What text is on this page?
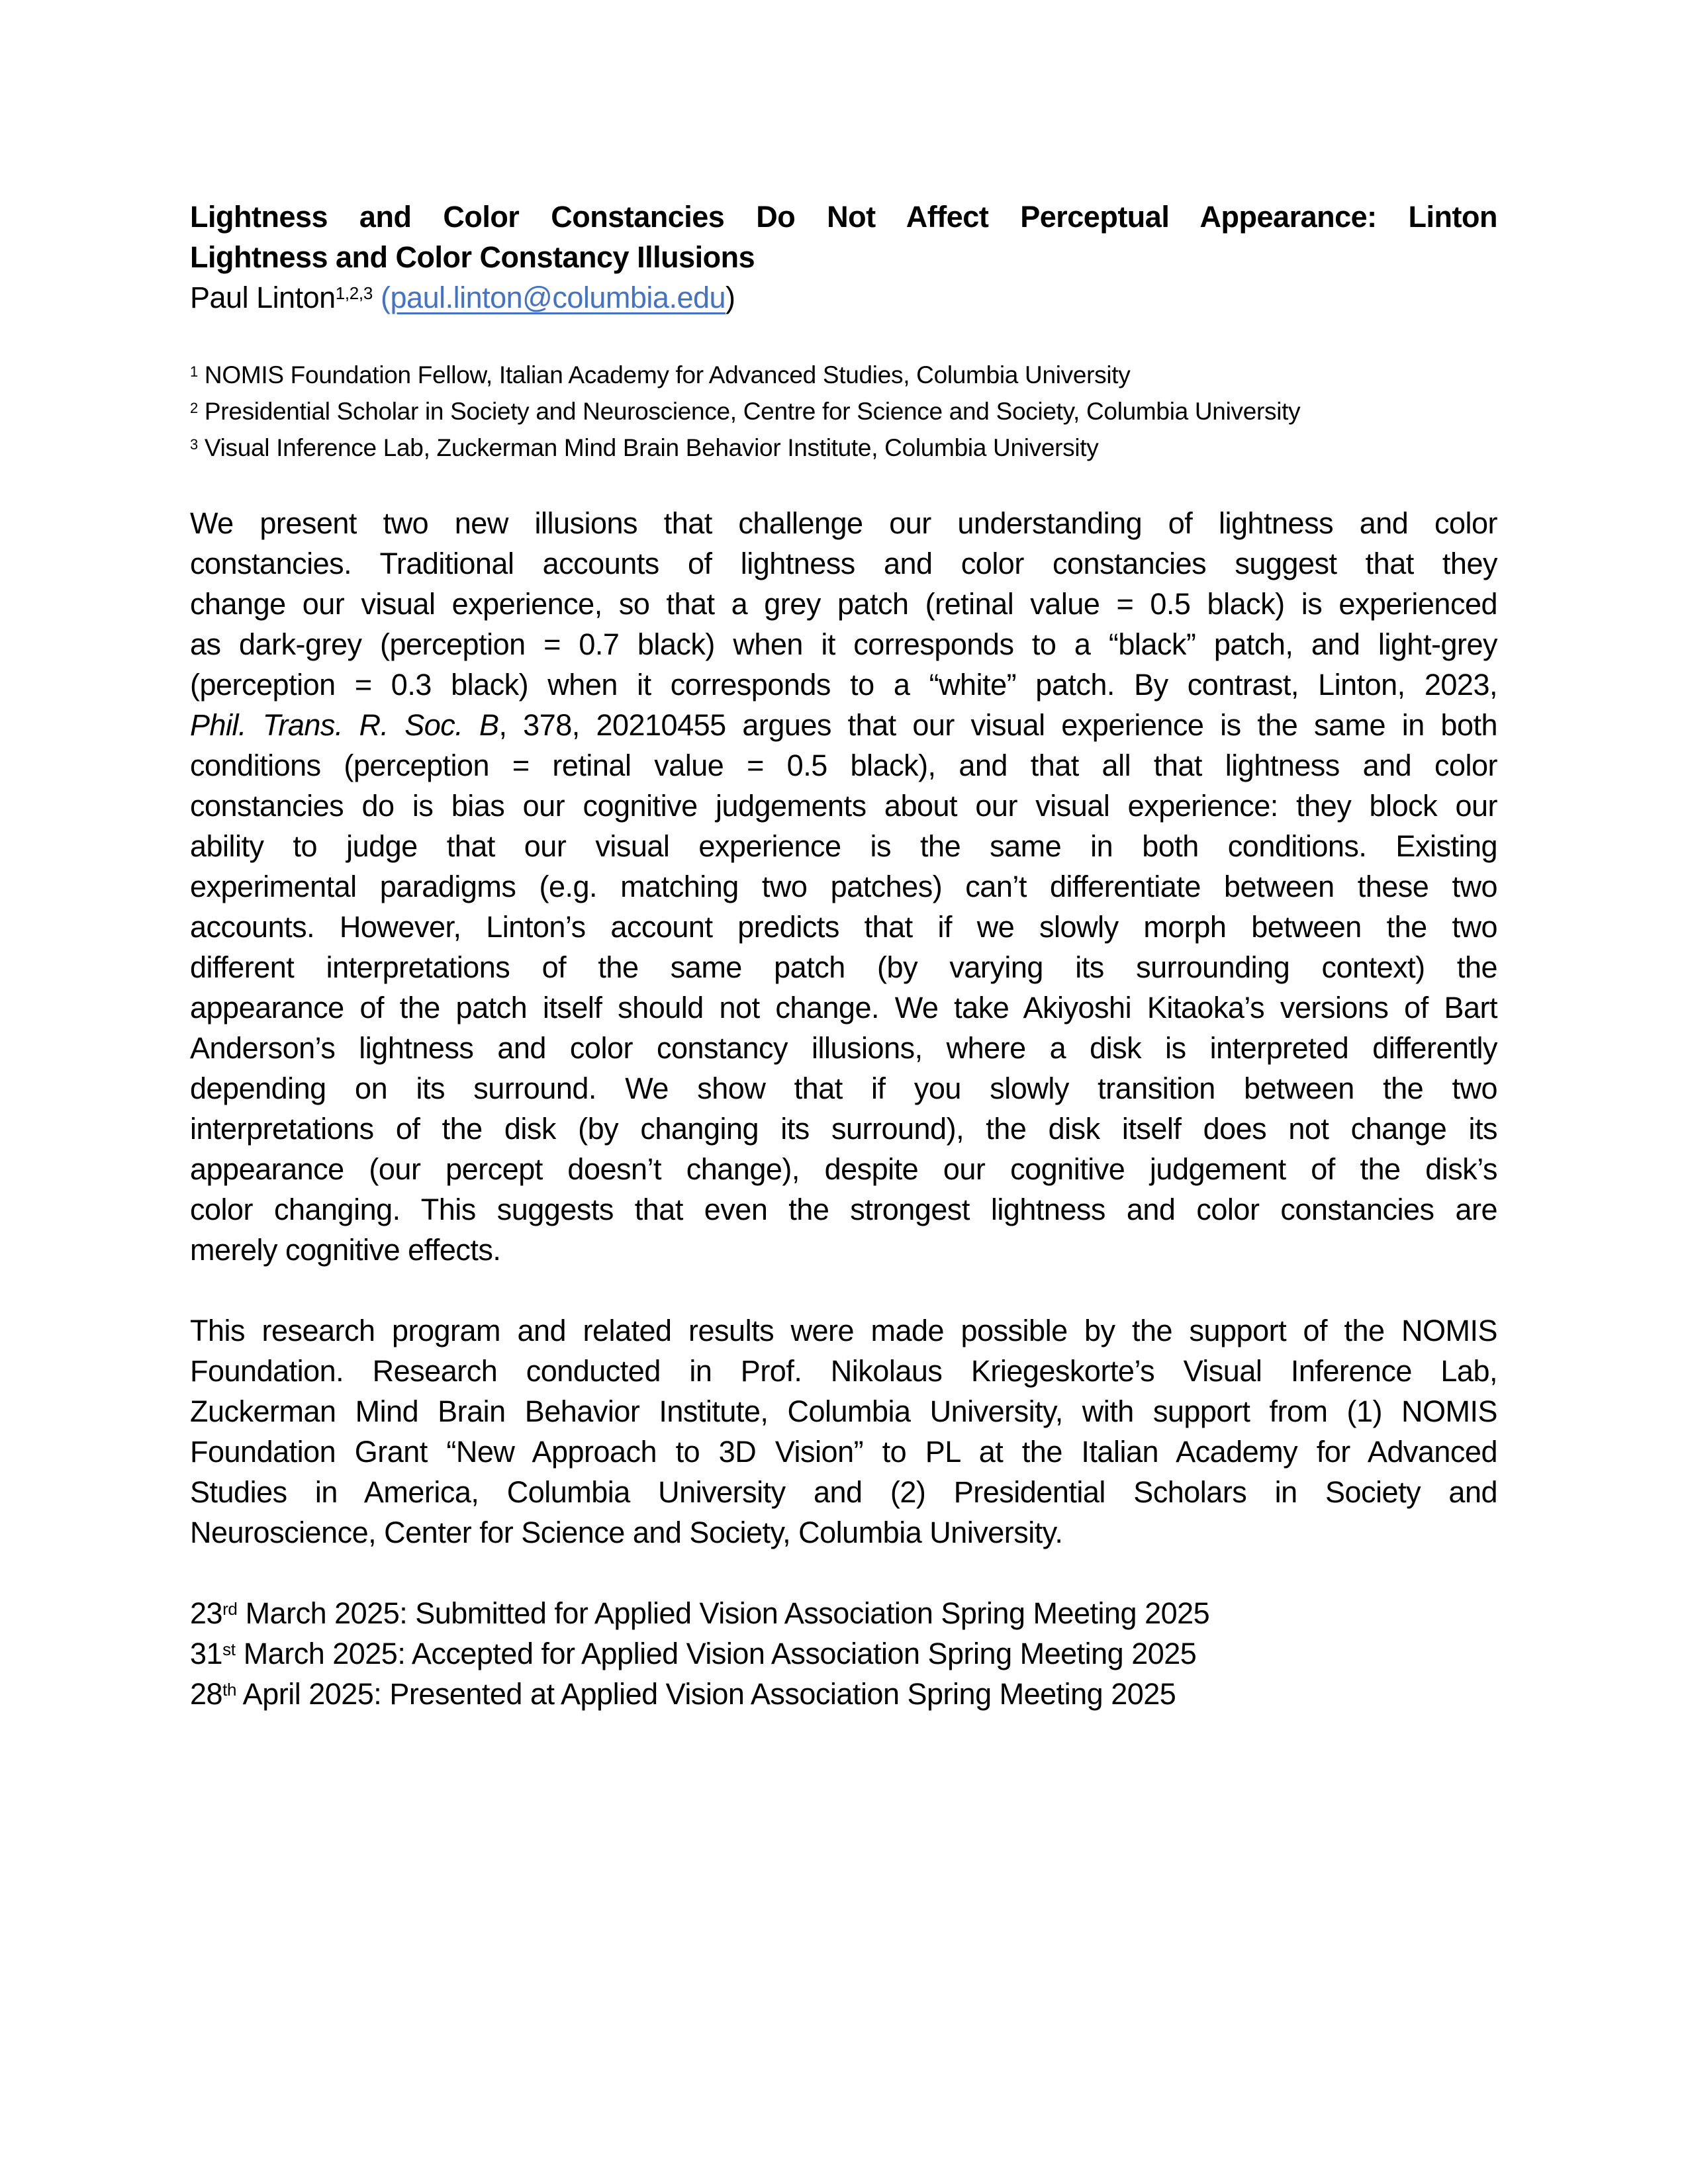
Lightness and Color Constancies Do Not Affect Perceptual Appearance: Linton
Lightness and Color Constancy Illusions
Paul Linton$^{1,2,3}$ (paul.linton@columbia.edu)
$^1$ NOMIS Foundation Fellow, Italian Academy for Advanced Studies, Columbia University
$^2$ Presidential Scholar in Society and Neuroscience, Centre for Science and Society, Columbia University
$^3$ Visual Inference Lab, Zuckerman Mind Brain Behavior Institute, Columbia University
We present two new illusions that challenge our understanding of lightness and color
constancies. Traditional accounts of lightness and color constancies suggest that they
change our visual experience, so that a grey patch (retinal value = 0.5 black) is experienced
as dark-grey (perception = 0.7 black) when it corresponds to a “black” patch, and light-grey
(perception = 0.3 black) when it corresponds to a “white” patch. By contrast, Linton, 2023,
Phil. Trans. R. Soc. B, 378, 20210455 argues that our visual experience is the same in both
conditions (perception = retinal value = 0.5 black), and that all that lightness and color
constancies do is bias our cognitive judgements about our visual experience: they block our
ability to judge that our visual experience is the same in both conditions. Existing
experimental paradigms (e.g. matching two patches) can’t differentiate between these two
accounts. However, Linton’s account predicts that if we slowly morph between the two
different interpretations of the same patch (by varying its surrounding context) the
appearance of the patch itself should not change. We take Akiyoshi Kitaoka’s versions of Bart
Anderson’s lightness and color constancy illusions, where a disk is interpreted differently
depending on its surround. We show that if you slowly transition between the two
interpretations of the disk (by changing its surround), the disk itself does not change its
appearance (our percept doesn’t change), despite our cognitive judgement of the disk’s
color changing. This suggests that even the strongest lightness and color constancies are
merely cognitive effects.
This research program and related results were made possible by the support of the NOMIS
Foundation. Research conducted in Prof. Nikolaus Kriegeskorte’s Visual Inference Lab,
Zuckerman Mind Brain Behavior Institute, Columbia University, with support from (1) NOMIS
Foundation Grant “New Approach to 3D Vision” to PL at the Italian Academy for Advanced
Studies in America, Columbia University and (2) Presidential Scholars in Society and
Neuroscience, Center for Science and Society, Columbia University.
23rd March 2025: Submitted for Applied Vision Association Spring Meeting 2025
31st March 2025: Accepted for Applied Vision Association Spring Meeting 2025
28th April 2025: Presented at Applied Vision Association Spring Meeting 2025
